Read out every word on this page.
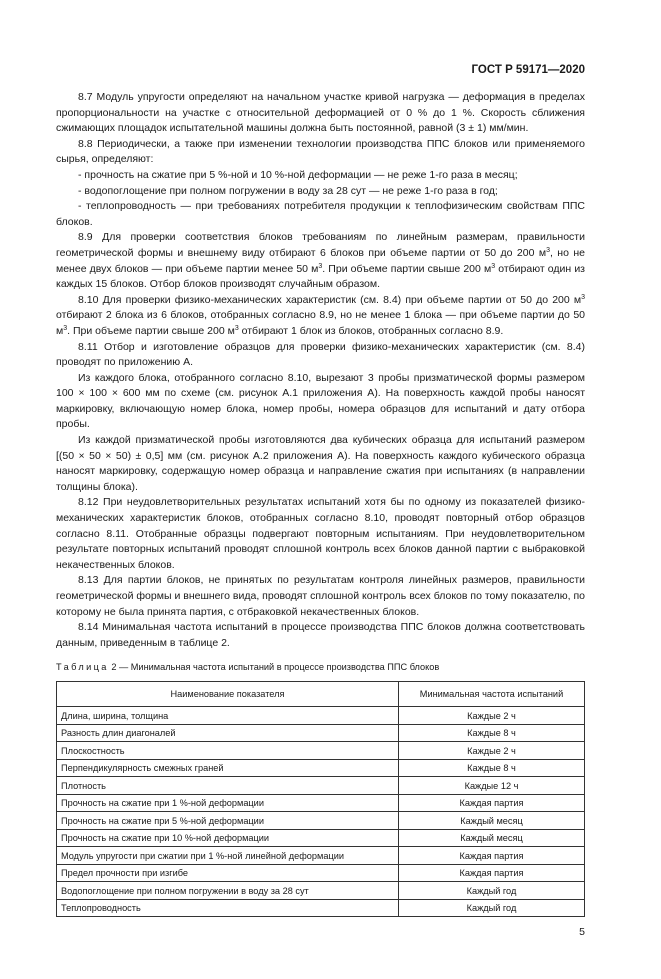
ГОСТ Р 59171—2020

8.7 Модуль упругости определяют на начальном участке кривой нагрузка — деформация в пределах пропорциональности на участке с относительной деформацией от 0 % до 1 %. Скорость сближения сжимающих площадок испытательной машины должна быть постоянной, равной (3 ± 1) мм/мин.

8.8 Периодически, а также при изменении технологии производства ППС блоков или применяемого сырья, определяют:

- прочность на сжатие при 5 %-ной и 10 %-ной деформации — не реже 1-го раза в месяц;

- водопоглощение при полном погружении в воду за 28 сут — не реже 1-го раза в год;

- теплопроводность — при требованиях потребителя продукции к теплофизическим свойствам ППС блоков.

8.9 Для проверки соответствия блоков требованиям по линейным размерам, правильности геометрической формы и внешнему виду отбирают 6 блоков при объеме партии от 50 до 200 $м^3$, но не менее двух блоков — при объеме партии менее 50 $м^3$. При объеме партии свыше 200 $м^3$ отбирают один из каждых 15 блоков. Отбор блоков производят случайным образом.

8.10 Для проверки физико-механических характеристик (см. 8.4) при объеме партии от 50 до 200 $м^3$ отбирают 2 блока из 6 блоков, отобранных согласно 8.9, но не менее 1 блока — при объеме партии до 50 $м^3$. При объеме партии свыше 200 $м^3$ отбирают 1 блок из блоков, отобранных согласно 8.9.

8.11 Отбор и изготовление образцов для проверки физико-механических характеристик (см. 8.4) проводят по приложению А.

Из каждого блока, отобранного согласно 8.10, вырезают 3 пробы призматической формы размером 100 × 100 × 600 мм по схеме (см. рисунок А.1 приложения А). На поверхность каждой пробы наносят маркировку, включающую номер блока, номер пробы, номера образцов для испытаний и дату отбора пробы.

Из каждой призматической пробы изготовляются два кубических образца для испытаний размером [(50 × 50 × 50) ± 0,5] мм (см. рисунок А.2 приложения А). На поверхность каждого кубического образца наносят маркировку, содержащую номер образца и направление сжатия при испытаниях (в направлении толщины блока).

8.12 При неудовлетворительных результатах испытаний хотя бы по одному из показателей физико-механических характеристик блоков, отобранных согласно 8.10, проводят повторный отбор образцов согласно 8.11. Отобранные образцы подвергают повторным испытаниям. При неудовлетворительном результате повторных испытаний проводят сплошной контроль всех блоков данной партии с выбраковкой некачественных блоков.

8.13 Для партии блоков, не принятых по результатам контроля линейных размеров, правильности геометрической формы и внешнего вида, проводят сплошной контроль всех блоков по тому показателю, по которому не была принята партия, с отбраковкой некачественных блоков.

8.14 Минимальная частота испытаний в процессе производства ППС блоков должна соответствовать данным, приведенным в таблице 2.

Таблица 2 — Минимальная частота испытаний в процессе производства ППС блоков
Наименование показателя	Минимальная частота испытаний
Длина, ширина, толщина	Каждые 2 ч
Разность длин диагоналей	Каждые 8 ч
Плоскостность	Каждые 2 ч
Перпендикулярность смежных граней	Каждые 8 ч
Плотность	Каждые 12 ч
Прочность на сжатие при 1 %-ной деформации	Каждая партия
Прочность на сжатие при 5 %-ной деформации	Каждый месяц
Прочность на сжатие при 10 %-ной деформации	Каждый месяц
Модуль упругости при сжатии при 1 %-ной линейной деформации	Каждая партия
Предел прочности при изгибе	Каждая партия
Водопоглощение при полном погружении в воду за 28 сут	Каждый год
Теплопроводность	Каждый год
5
